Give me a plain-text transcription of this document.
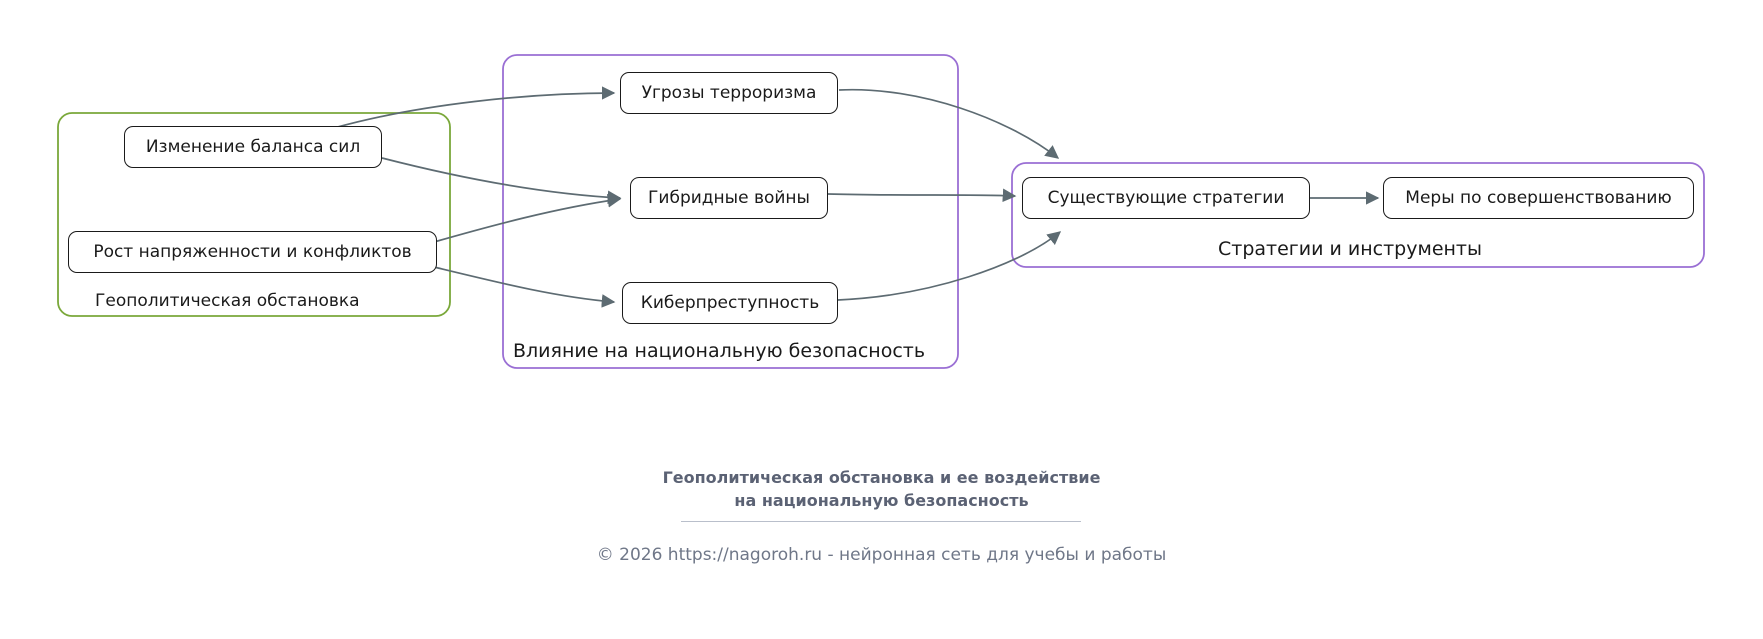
Изменение баланса сил
Рост напряженности и конфликтов
Угрозы терроризма
Гибридные войны
Киберпреступность
Существующие стратегии	Меры по совершенствованию
Геополитическая обстановка
Влияние на национальную безопасность
Стратегии и инструменты
Геополитическая обстановка и ее воздействие
на национальную безопасность
© 2026 https://nagoroh.ru - нейронная сеть для учебы и работы
